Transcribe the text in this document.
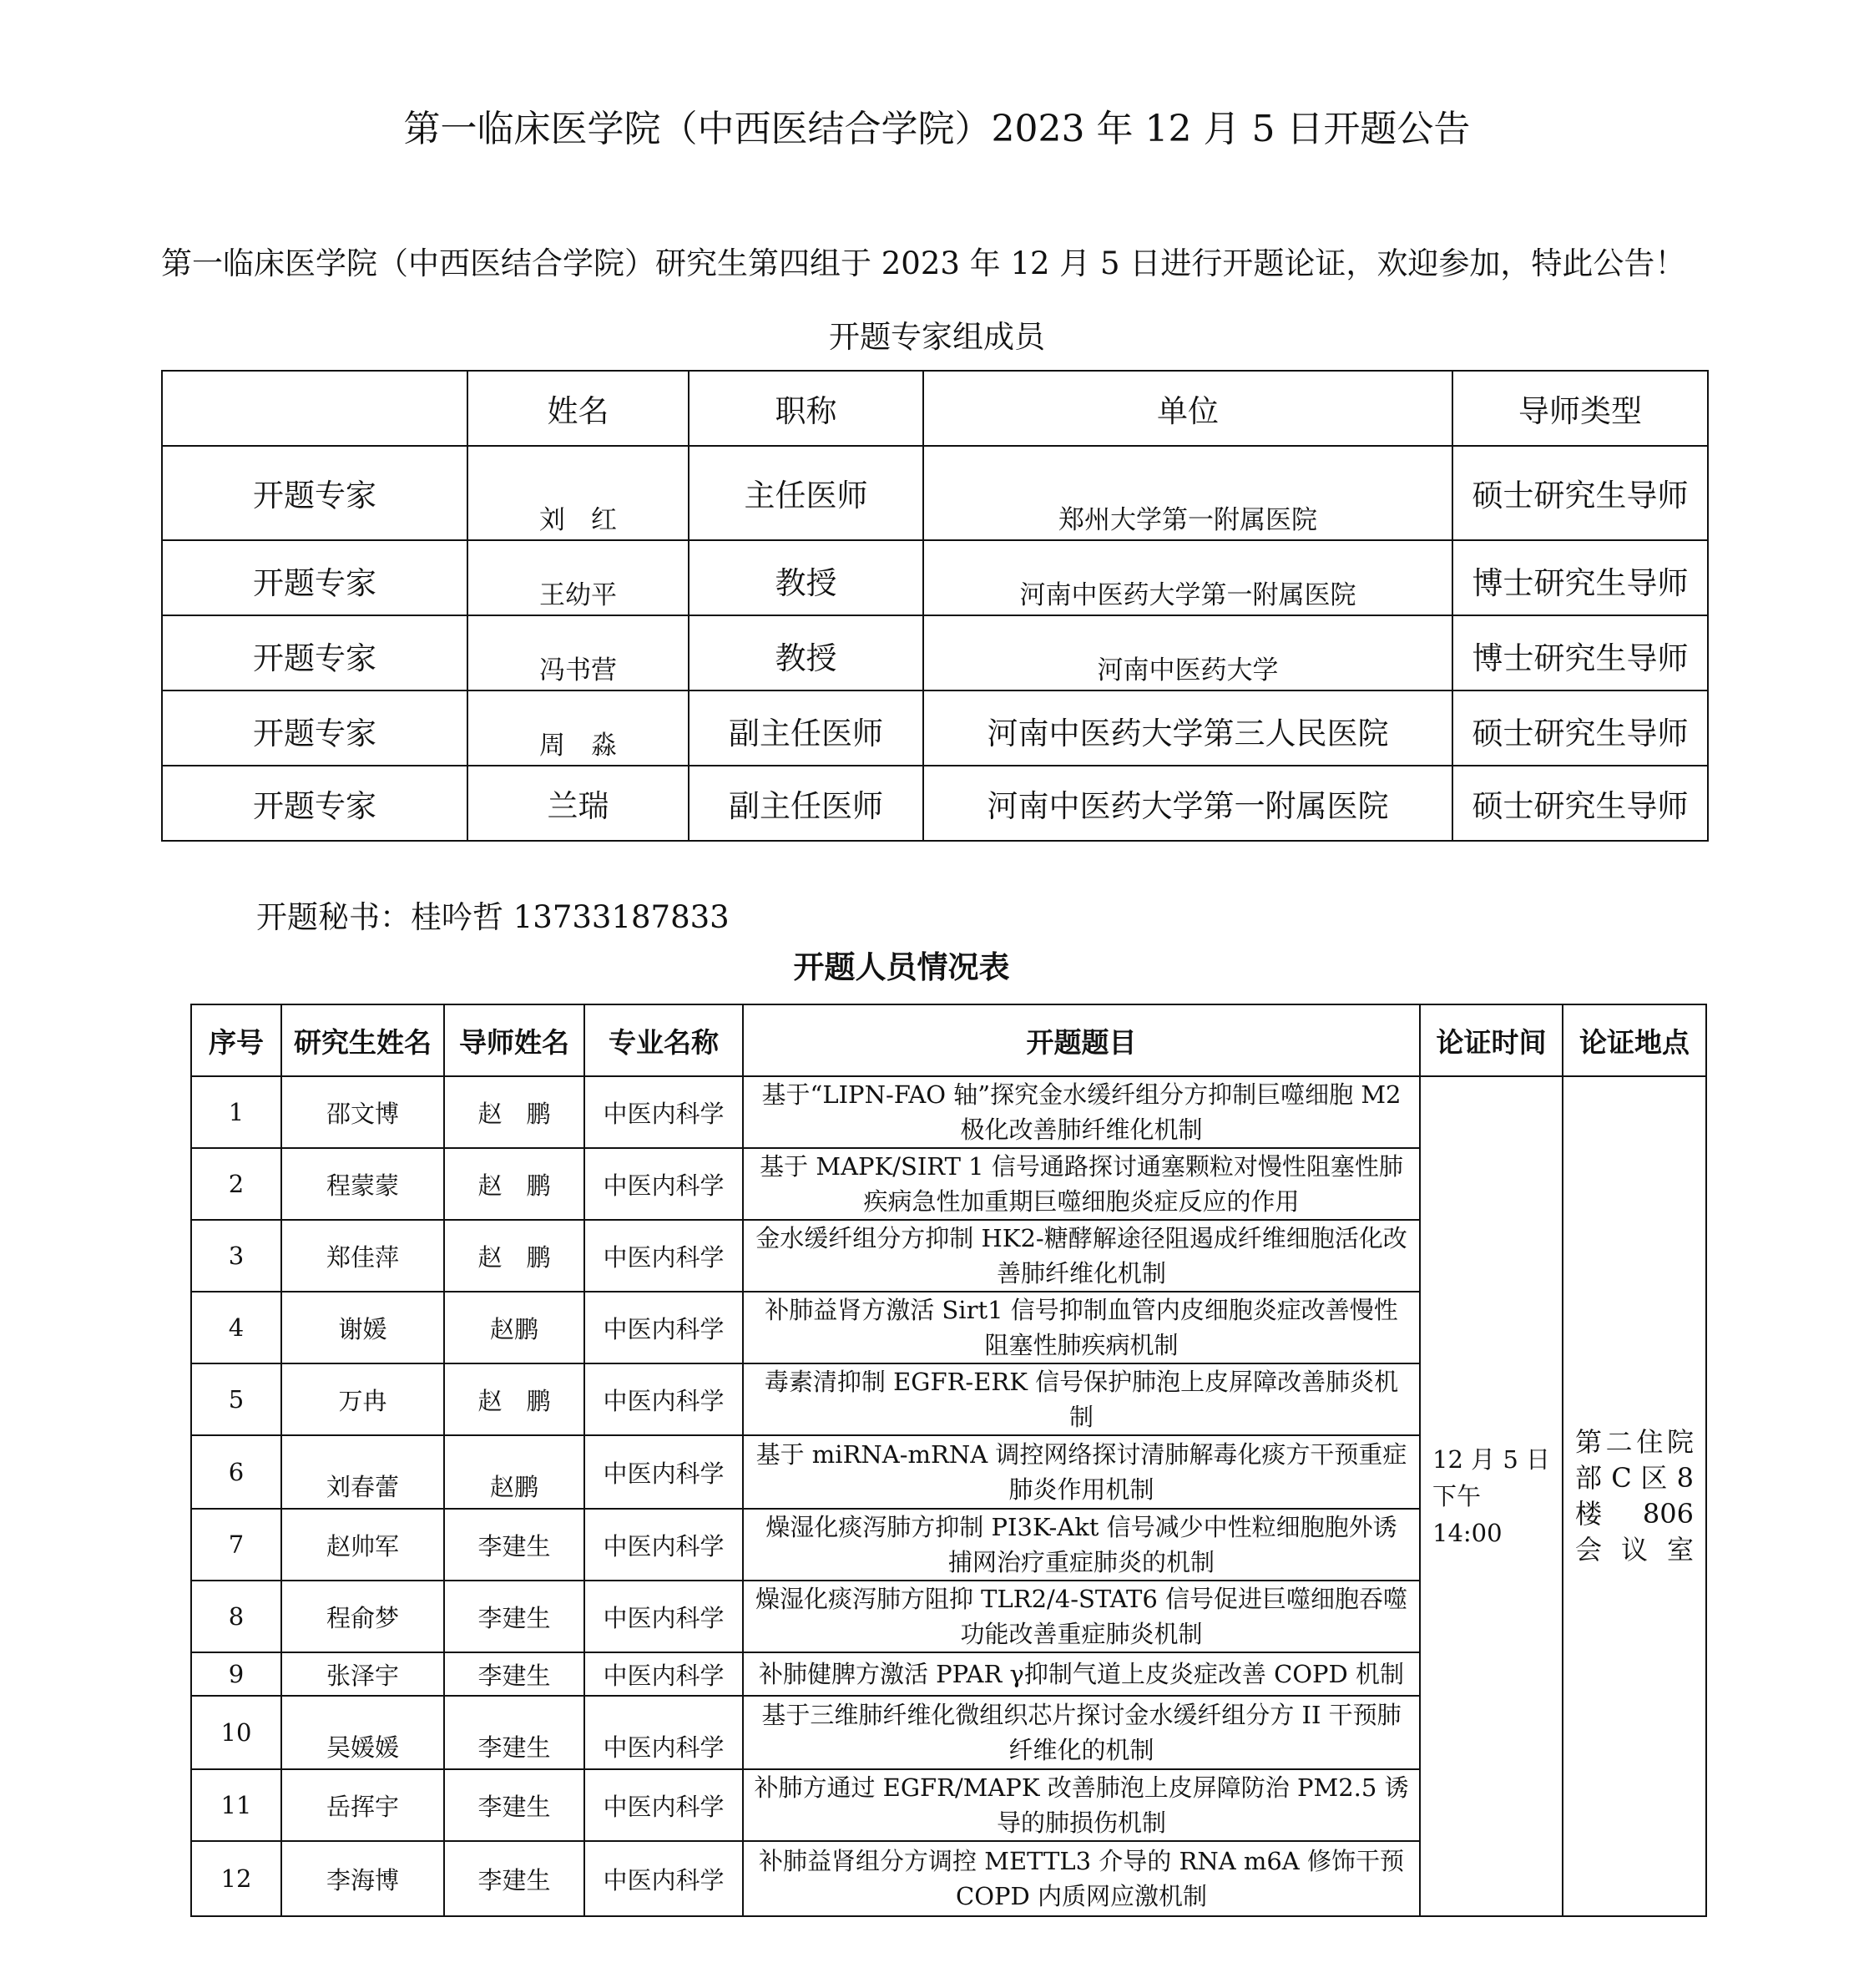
第一临床医学院（中西医结合学院）2023 年 12 月 5 日开题公告
第一临床医学院（中西医结合学院）研究生第四组于 2023 年 12 月 5 日进行开题论证，欢迎参加，特此公告！
开题专家组成员
	姓名	职称	单位	导师类型
开题专家	刘　红	主任医师	郑州大学第一附属医院	硕士研究生导师
开题专家	王幼平	教授	河南中医药大学第一附属医院	博士研究生导师
开题专家	冯书营	教授	河南中医药大学	博士研究生导师
开题专家	周　淼	副主任医师	河南中医药大学第三人民医院	硕士研究生导师
开题专家	兰瑞	副主任医师	河南中医药大学第一附属医院	硕士研究生导师
开题秘书：桂吟哲 13733187833
开题人员情况表
序号	研究生姓名	导师姓名	专业名称	开题题目	论证时间	论证地点
1	邵文博	赵　鹏	中医内科学	基于“LIPN-FAO 轴”探究金水缓纤组分方抑制巨噬细胞 M2 极化改善肺纤维化机制	12 月 5 日下午 14:00	第二住院部 C 区 8 楼 806 会议室
2	程蒙蒙	赵　鹏	中医内科学	基于 MAPK/SIRT 1 信号通路探讨通塞颗粒对慢性阻塞性肺疾病急性加重期巨噬细胞炎症反应的作用		
3	郑佳萍	赵　鹏	中医内科学	金水缓纤组分方抑制 HK2-糖酵解途径阻遏成纤维细胞活化改善肺纤维化机制		
4	谢媛	赵鹏	中医内科学	补肺益肾方激活 Sirt1 信号抑制血管内皮细胞炎症改善慢性阻塞性肺疾病机制		
5	万冉	赵　鹏	中医内科学	毒素清抑制 EGFR-ERK 信号保护肺泡上皮屏障改善肺炎机制		
6	刘春蕾	赵鹏	中医内科学	基于 miRNA-mRNA 调控网络探讨清肺解毒化痰方干预重症肺炎作用机制		
7	赵帅军	李建生	中医内科学	燥湿化痰泻肺方抑制 PI3K-Akt 信号减少中性粒细胞胞外诱捕网治疗重症肺炎的机制		
8	程俞梦	李建生	中医内科学	燥湿化痰泻肺方阻抑 TLR2/4-STAT6 信号促进巨噬细胞吞噬功能改善重症肺炎机制		
9	张泽宇	李建生	中医内科学	补肺健脾方激活 PPAR γ抑制气道上皮炎症改善 COPD 机制		
10	吴媛媛	李建生	中医内科学	基于三维肺纤维化微组织芯片探讨金水缓纤组分方 II 干预肺纤维化的机制		
11	岳挥宇	李建生	中医内科学	补肺方通过 EGFR/MAPK 改善肺泡上皮屏障防治 PM2.5 诱导的肺损伤机制		
12	李海博	李建生	中医内科学	补肺益肾组分方调控 METTL3 介导的 RNA m6A 修饰干预 COPD 内质网应激机制		
